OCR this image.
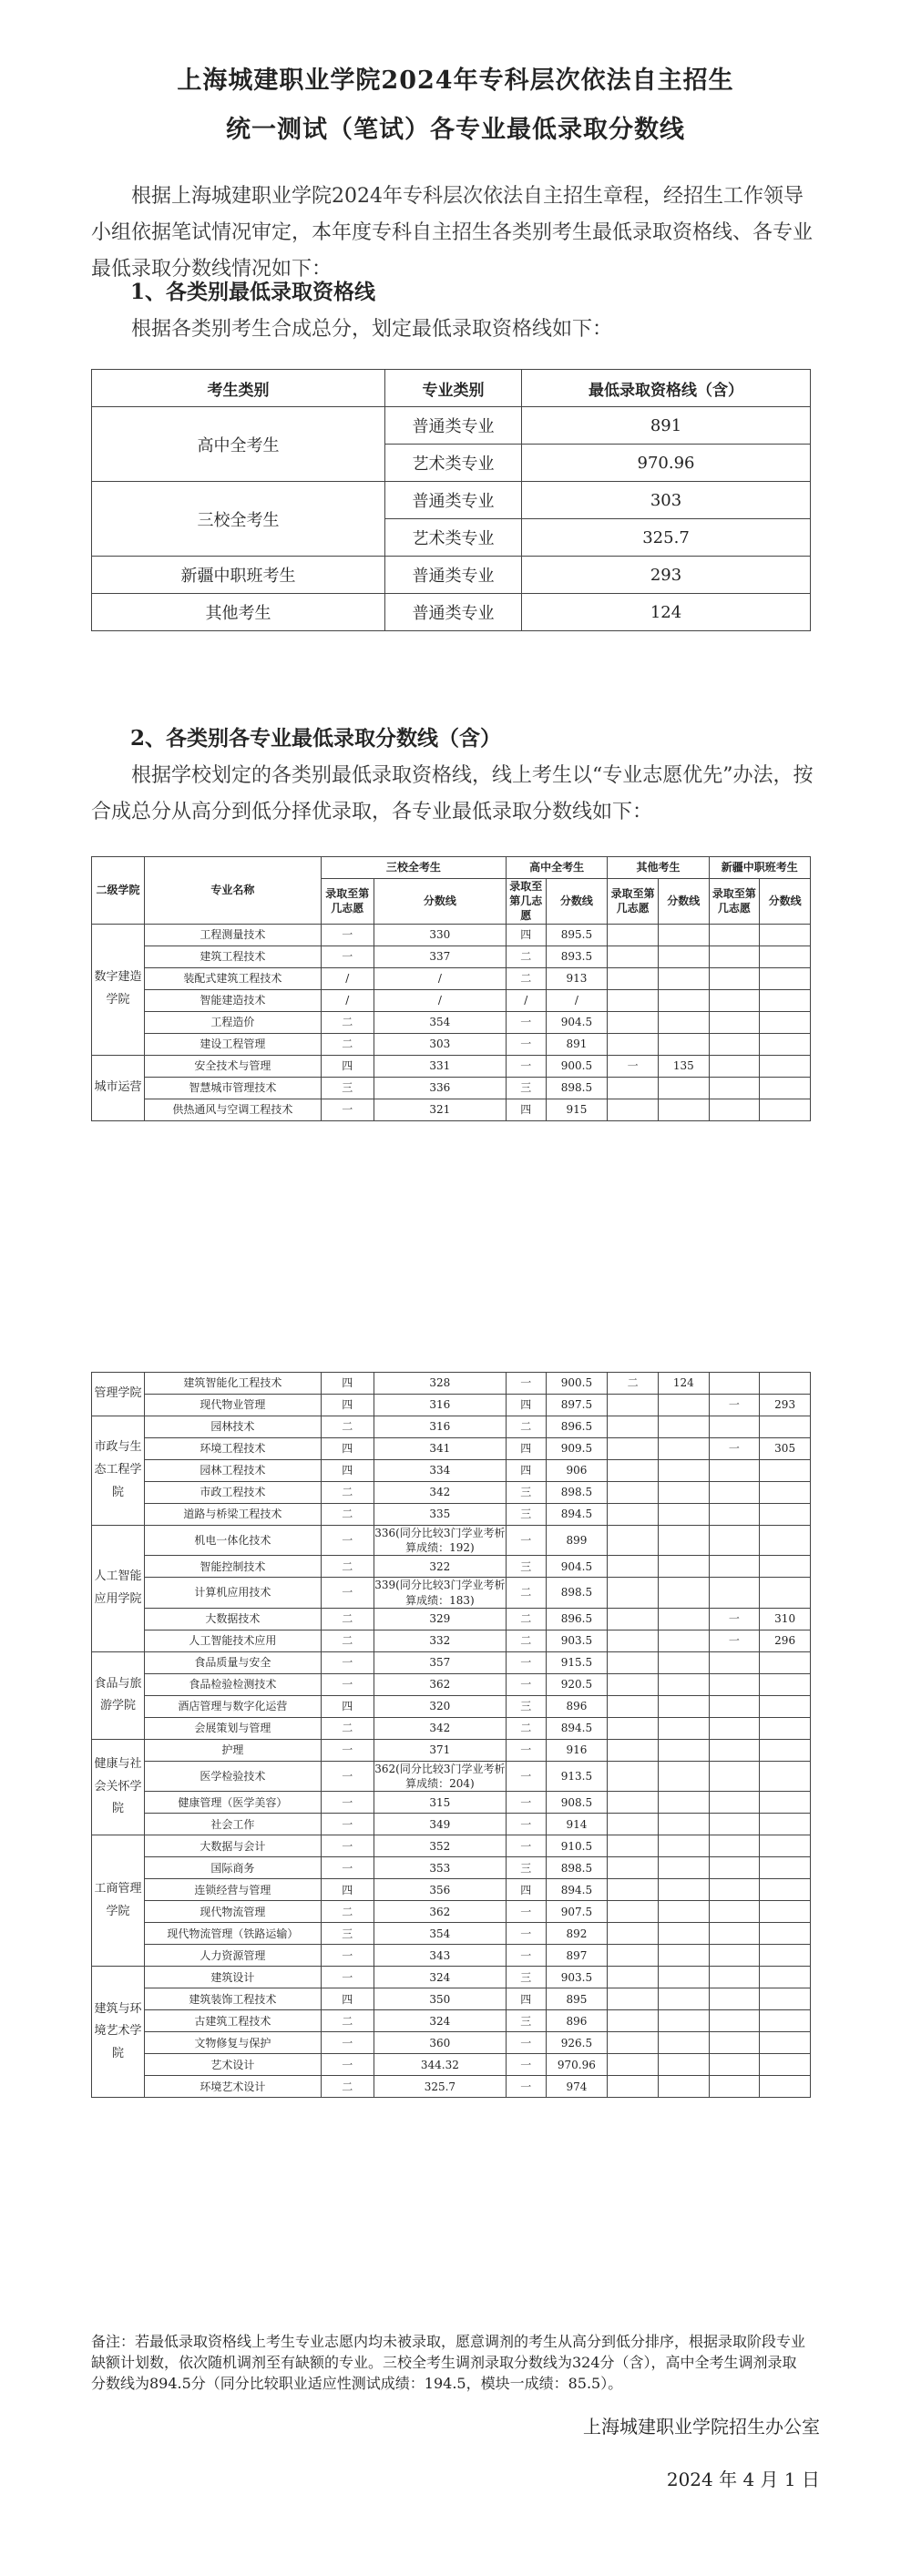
上海城建职业学院2024年专科层次依法自主招生
统一测试（笔试）各专业最低录取分数线
根据上海城建职业学院2024年专科层次依法自主招生章程，经招生工作领导小组依据笔试情况审定，本年度专科自主招生各类别考生最低录取资格线、各专业最低录取分数线情况如下：
1、各类别最低录取资格线
根据各类别考生合成总分，划定最低录取资格线如下：
考生类别	专业类别	最低录取资格线（含）
高中全考生	普通类专业	891
	艺术类专业	970.96
三校全考生	普通类专业	303
	艺术类专业	325.7
新疆中职班考生	普通类专业	293
其他考生	普通类专业	124
2、各类别各专业最低录取分数线（含）
根据学校划定的各类别最低录取资格线，线上考生以“专业志愿优先”办法，按合成总分从高分到低分择优录取，各专业最低录取分数线如下：
二级学院	专业名称	三校全考生		高中全考生		其他考生		新疆中职班考生	
		录取至第几志愿	分数线	录取至第几志愿	分数线	录取至第几志愿	分数线	录取至第几志愿	分数线
数字建造学院	工程测量技术	一	330	四	895.5				
	建筑工程技术	一	337	二	893.5				
	装配式建筑工程技术	/	/	二	913				
	智能建造技术	/	/	/	/				
	工程造价	二	354	一	904.5				
	建设工程管理	二	303	一	891				
城市运营	安全技术与管理	四	331	一	900.5	一	135		
	智慧城市管理技术	三	336	三	898.5				
	供热通风与空调工程技术	一	321	四	915				
管理学院	建筑智能化工程技术	四	328	一	900.5	二	124		
	现代物业管理	四	316	四	897.5			一	293
市政与生态工程学院	园林技术	二	316	二	896.5				
	环境工程技术	四	341	四	909.5			一	305
	园林工程技术	四	334	四	906				
	市政工程技术	二	342	三	898.5				
	道路与桥梁工程技术	二	335	三	894.5				
人工智能应用学院	机电一体化技术	一	336(同分比较3门学业考析算成绩：192)	一	899				
	智能控制技术	二	322	三	904.5				
	计算机应用技术	一	339(同分比较3门学业考析算成绩：183)	二	898.5				
	大数据技术	二	329	二	896.5			一	310
	人工智能技术应用	二	332	二	903.5			一	296
食品与旅游学院	食品质量与安全	一	357	一	915.5				
	食品检验检测技术	一	362	一	920.5				
	酒店管理与数字化运营	四	320	三	896				
	会展策划与管理	二	342	二	894.5				
健康与社会关怀学院	护理	一	371	一	916				
	医学检验技术	一	362(同分比较3门学业考析算成绩：204)	一	913.5				
	健康管理（医学美容）	一	315	一	908.5				
	社会工作	一	349	一	914				
工商管理学院	大数据与会计	一	352	一	910.5				
	国际商务	一	353	三	898.5				
	连锁经营与管理	四	356	四	894.5				
	现代物流管理	二	362	一	907.5				
	现代物流管理（铁路运输）	三	354	一	892				
	人力资源管理	一	343	一	897				
建筑与环境艺术学院	建筑设计	一	324	三	903.5				
	建筑装饰工程技术	四	350	四	895				
	古建筑工程技术	二	324	三	896				
	文物修复与保护	一	360	一	926.5				
	艺术设计	一	344.32	一	970.96				
	环境艺术设计	二	325.7	一	974				
备注：若最低录取资格线上考生专业志愿内均未被录取，愿意调剂的考生从高分到低分排序，根据录取阶段专业缺额计划数，依次随机调剂至有缺额的专业。三校全考生调剂录取分数线为324分（含），高中全考生调剂录取分数线为894.5分（同分比较职业适应性测试成绩：194.5，模块一成绩：85.5）。
上海城建职业学院招生办公室
2024 年 4 月 1 日
